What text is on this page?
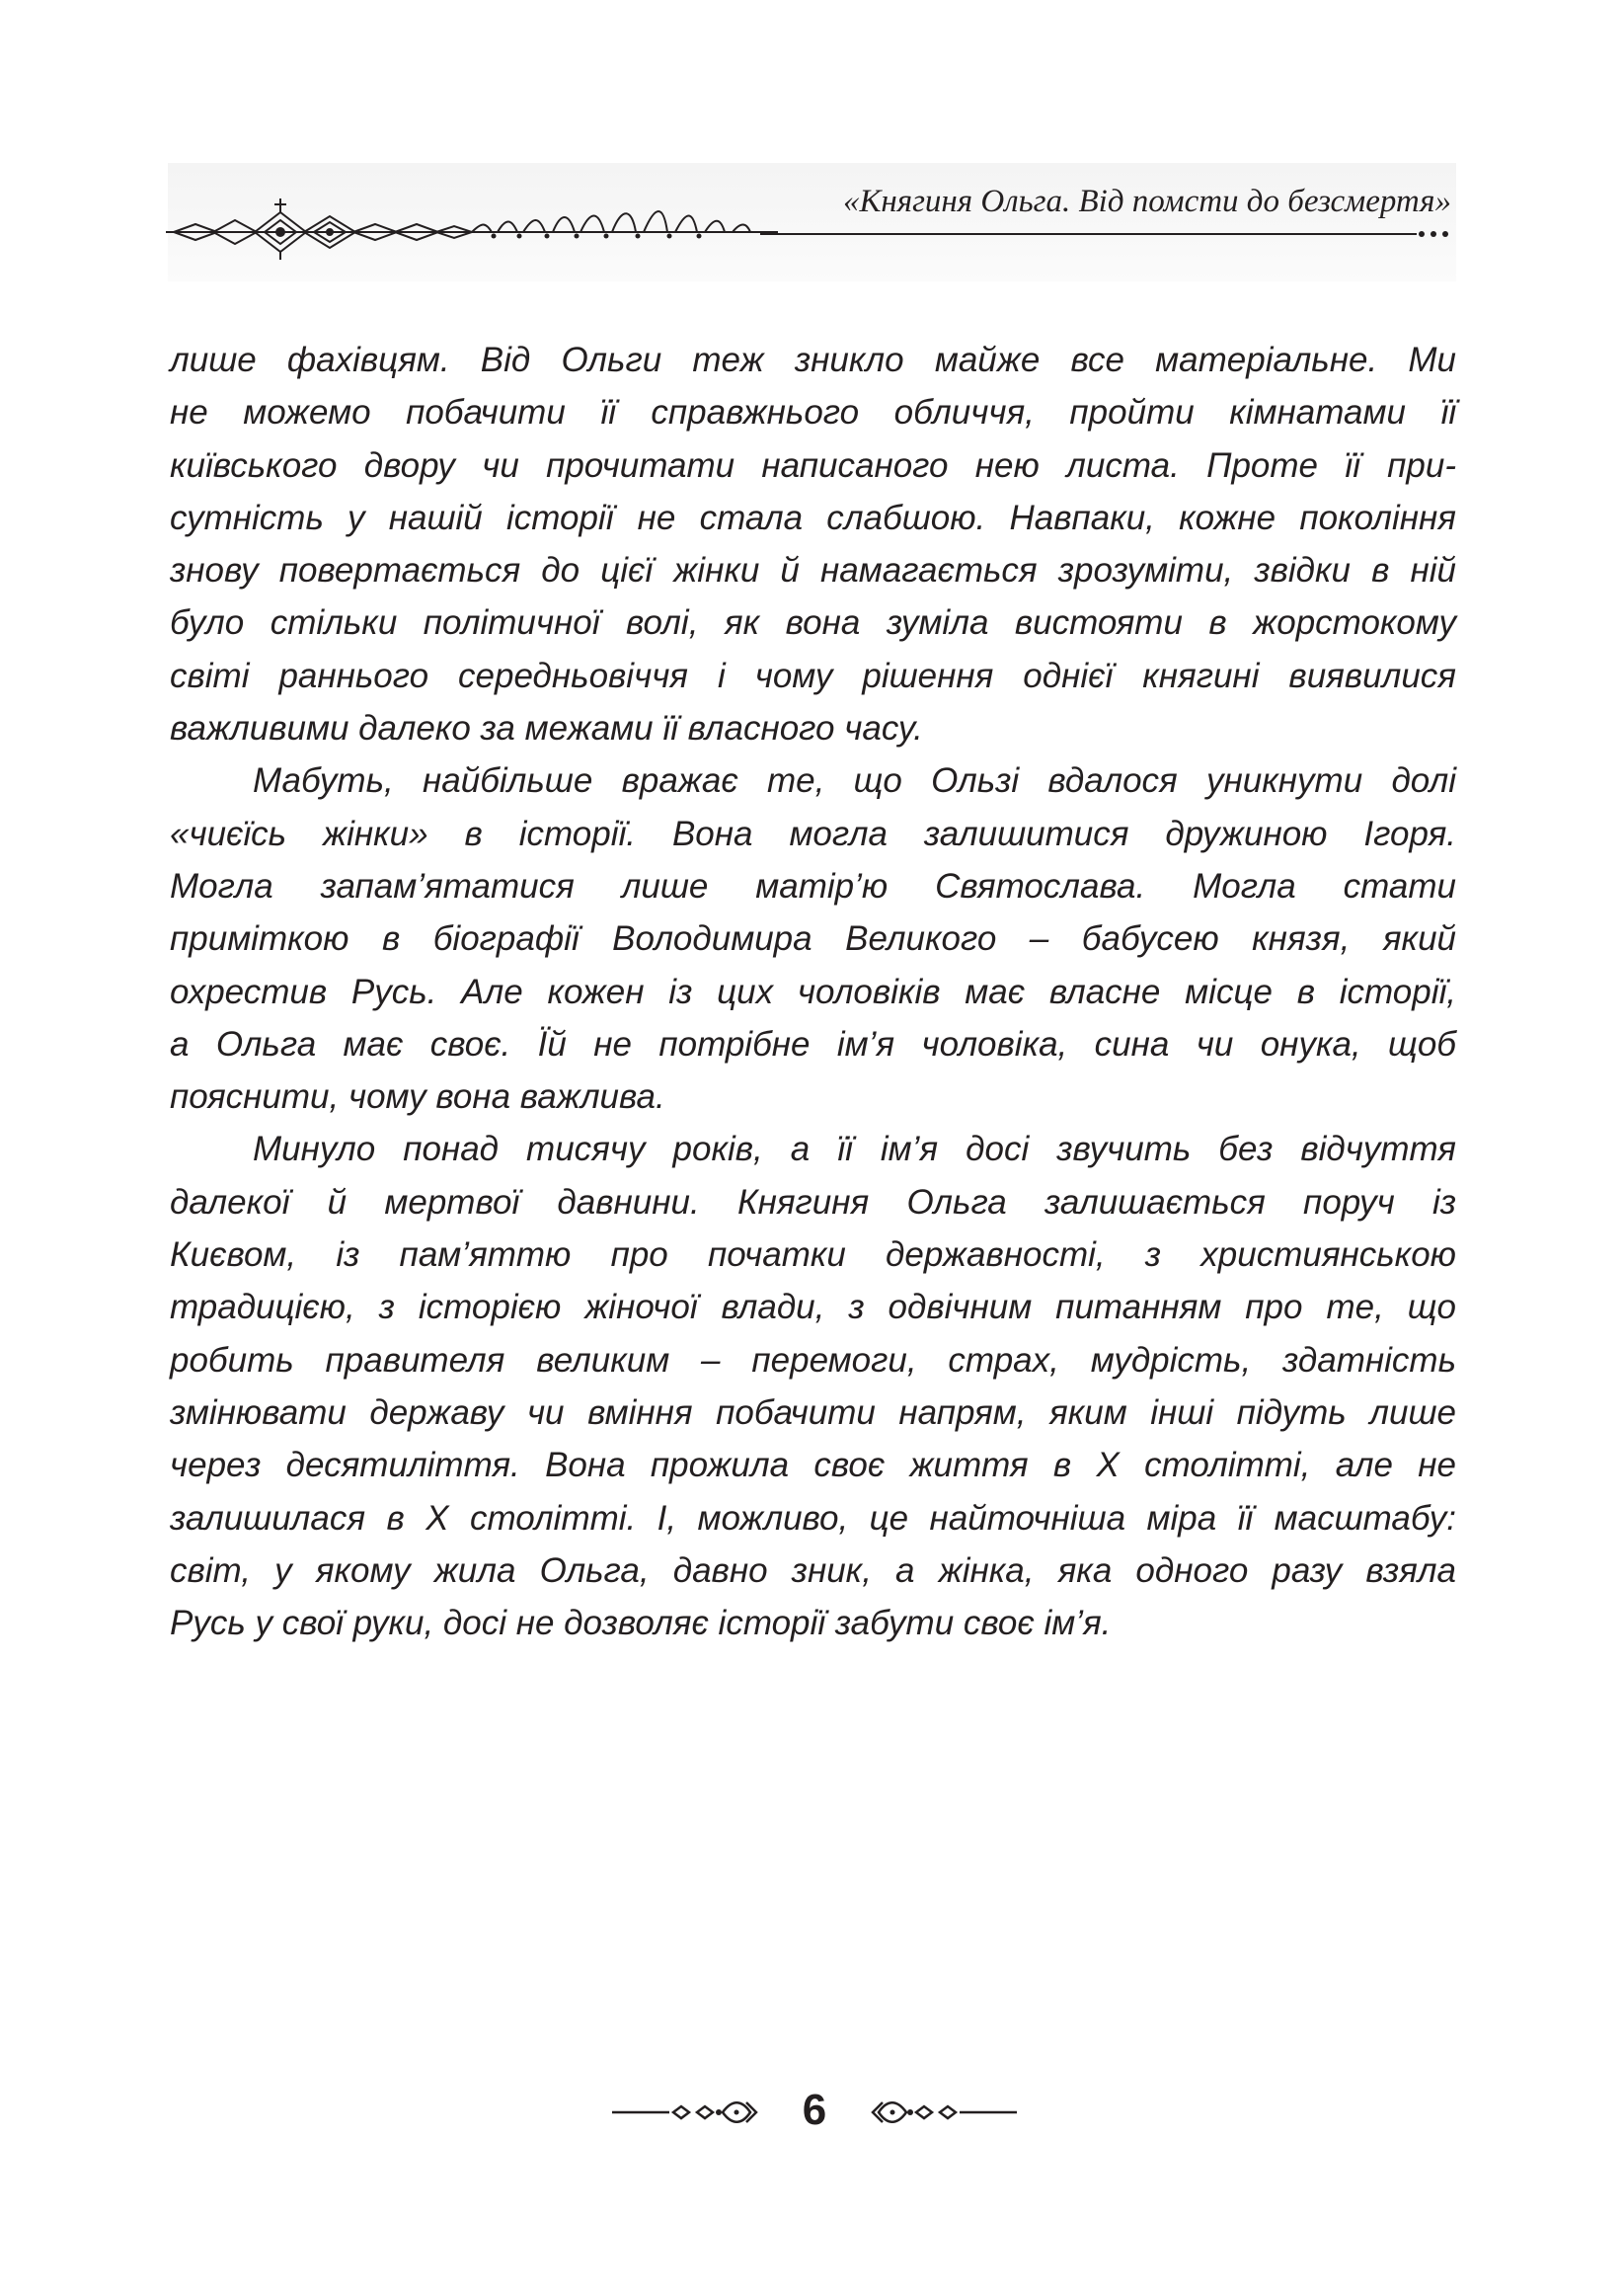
«Княгиня Ольга. Від помсти до безсмертя»

лише фахівцям. Від Ольги теж зникло майже все матеріальне. Ми
не можемо побачити її справжнього обличчя, пройти кімнатами її
київського двору чи прочитати написаного нею листа. Проте її при-
сутність у нашій історії не стала слабшою. Навпаки, кожне покоління
знову повертається до цієї жінки й намагається зрозуміти, звідки в ній
було стільки політичної волі, як вона зуміла вистояти в жорстокому
світі раннього середньовіччя і чому рішення однієї княгині виявилися
важливими далеко за межами її власного часу.

Мабуть, найбільше вражає те, що Ользі вдалося уникнути долі
«чиєїсь жінки» в історії. Вона могла залишитися дружиною Ігоря.
Могла запам’ятатися лише матір’ю Святослава. Могла стати
приміткою в біографії Володимира Великого – бабусею князя, який
охрестив Русь. Але кожен із цих чоловіків має власне місце в історії,
а Ольга має своє. Їй не потрібне ім’я чоловіка, сина чи онука, щоб
пояснити, чому вона важлива.

Минуло понад тисячу років, а її ім’я досі звучить без відчуття
далекої й мертвої давнини. Княгиня Ольга залишається поруч із
Києвом, із пам’яттю про початки державності, з християнською
традицією, з історією жіночої влади, з одвічним питанням про те, що
робить правителя великим – перемоги, страх, мудрість, здатність
змінювати державу чи вміння побачити напрям, яким інші підуть лише
через десятиліття. Вона прожила своє життя в X столітті, але не
залишилася в X столітті. І, можливо, це найточніша міра її масштабу:
світ, у якому жила Ольга, давно зник, а жінка, яка одного разу взяла
Русь у свої руки, досі не дозволяє історії забути своє ім’я.

6
